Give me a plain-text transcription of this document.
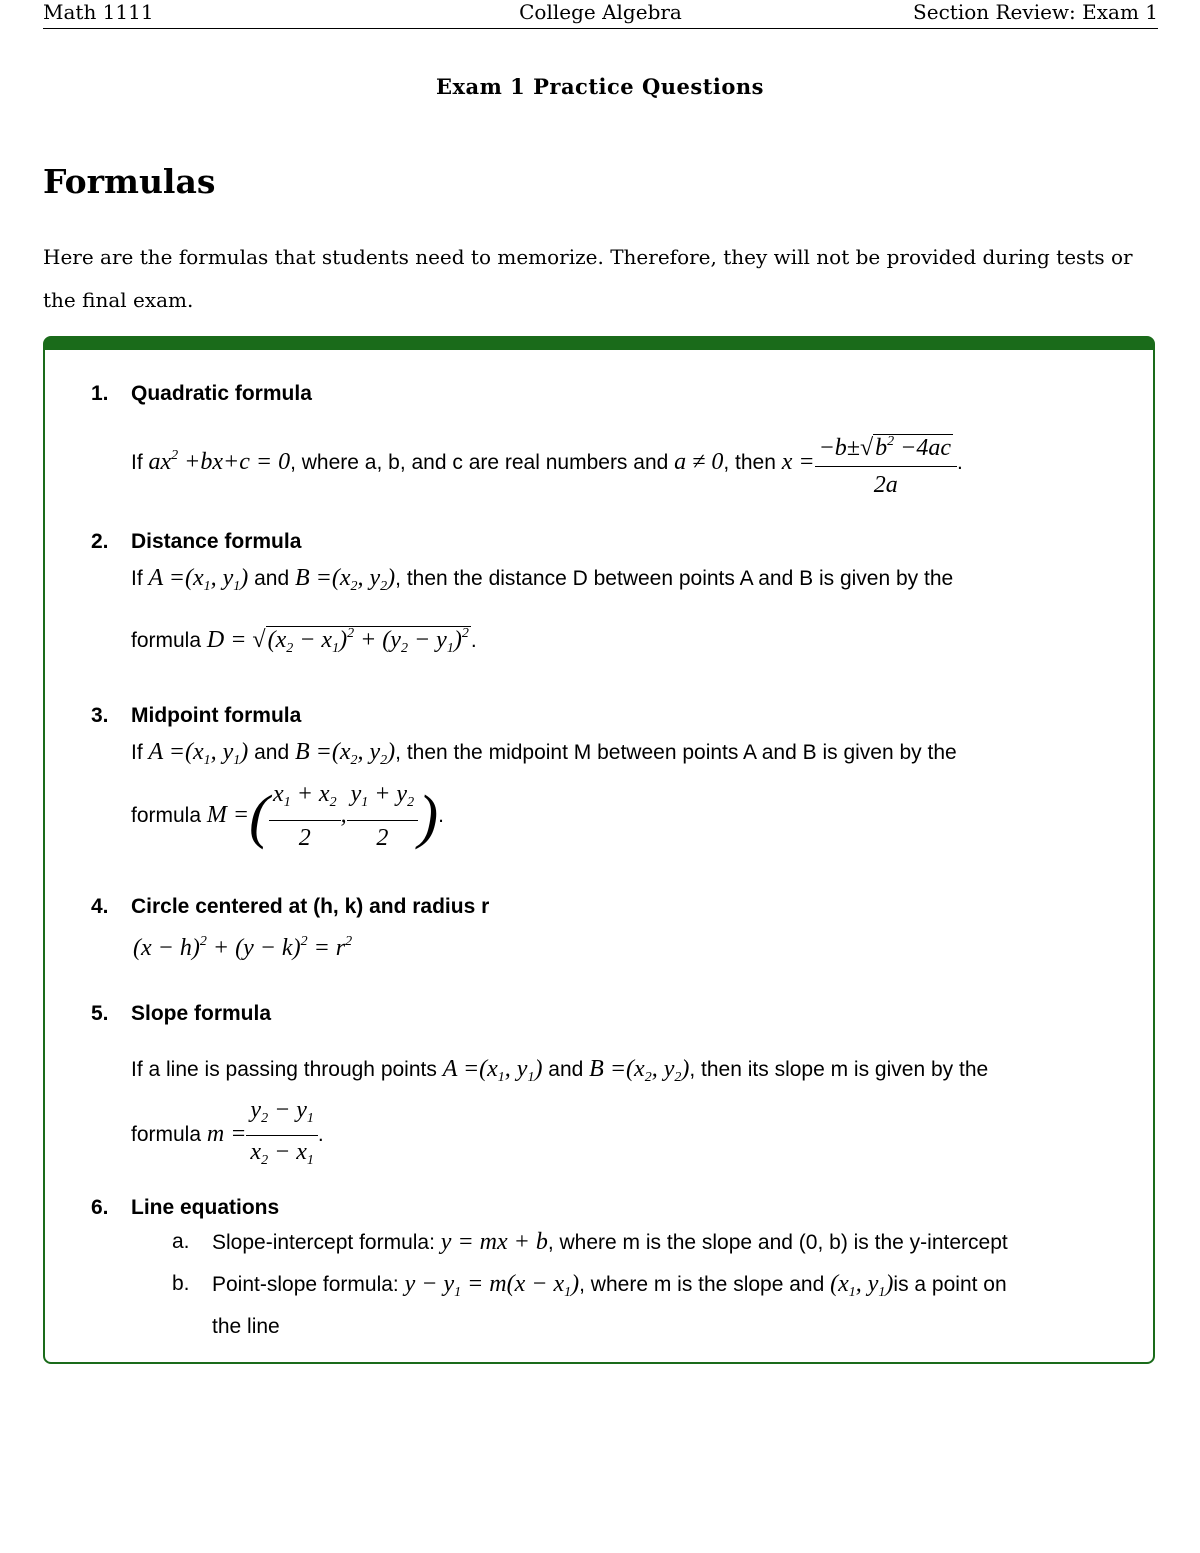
Math 1111	College Algebra	Section Review: Exam 1
Exam 1 Practice Questions
Formulas

Here are the formulas that students need to memorize. Therefore, they will not be provided during tests or the final exam.

1. Quadratic formula
If $ax^2 +bx+c = 0$, where a, b, and c are real numbers and a ≠ 0, then $x = \frac{-b\pm√b^2 -4ac}{2a}$ .
2. Distance formula
If $A =(x_1$, $y_1$) and $B =(x_2$, $y_2$), then the distance D between points A and B is given by the
formula $D = √(x_2 - x_1)^2 + (y_2 - y_1)^2$.
3. Midpoint formula
If $A =(x_1$, $y_1$) and $B =(x_2$, $y_2$), then the midpoint M between points A and B is given by the
formula M =( $\frac{x_1 + x_2}{2}$ , $\frac{y_1 + y_2}{2}$ ).
4. Circle centered at (h, k) and radius r
$(x - h)^2 + (y - k)^2 = r^2$
5. Slope formula
If a line is passing through points $A =(x_1$, $y_1$) and $B =(x_2$, $y_2$), then its slope m is given by the
formula $m = \frac{y_2 - y_1}{x_2 - x_1}$ .
6. Line equations
a. Slope-intercept formula: y = mx + b, where m is the slope and (0, b) is the y-intercept
b. Point-slope formula: $y - y_1 = m(x - x_1)$, where m is the slope and ($x_1$, $y_1)is$ a point on
the line
